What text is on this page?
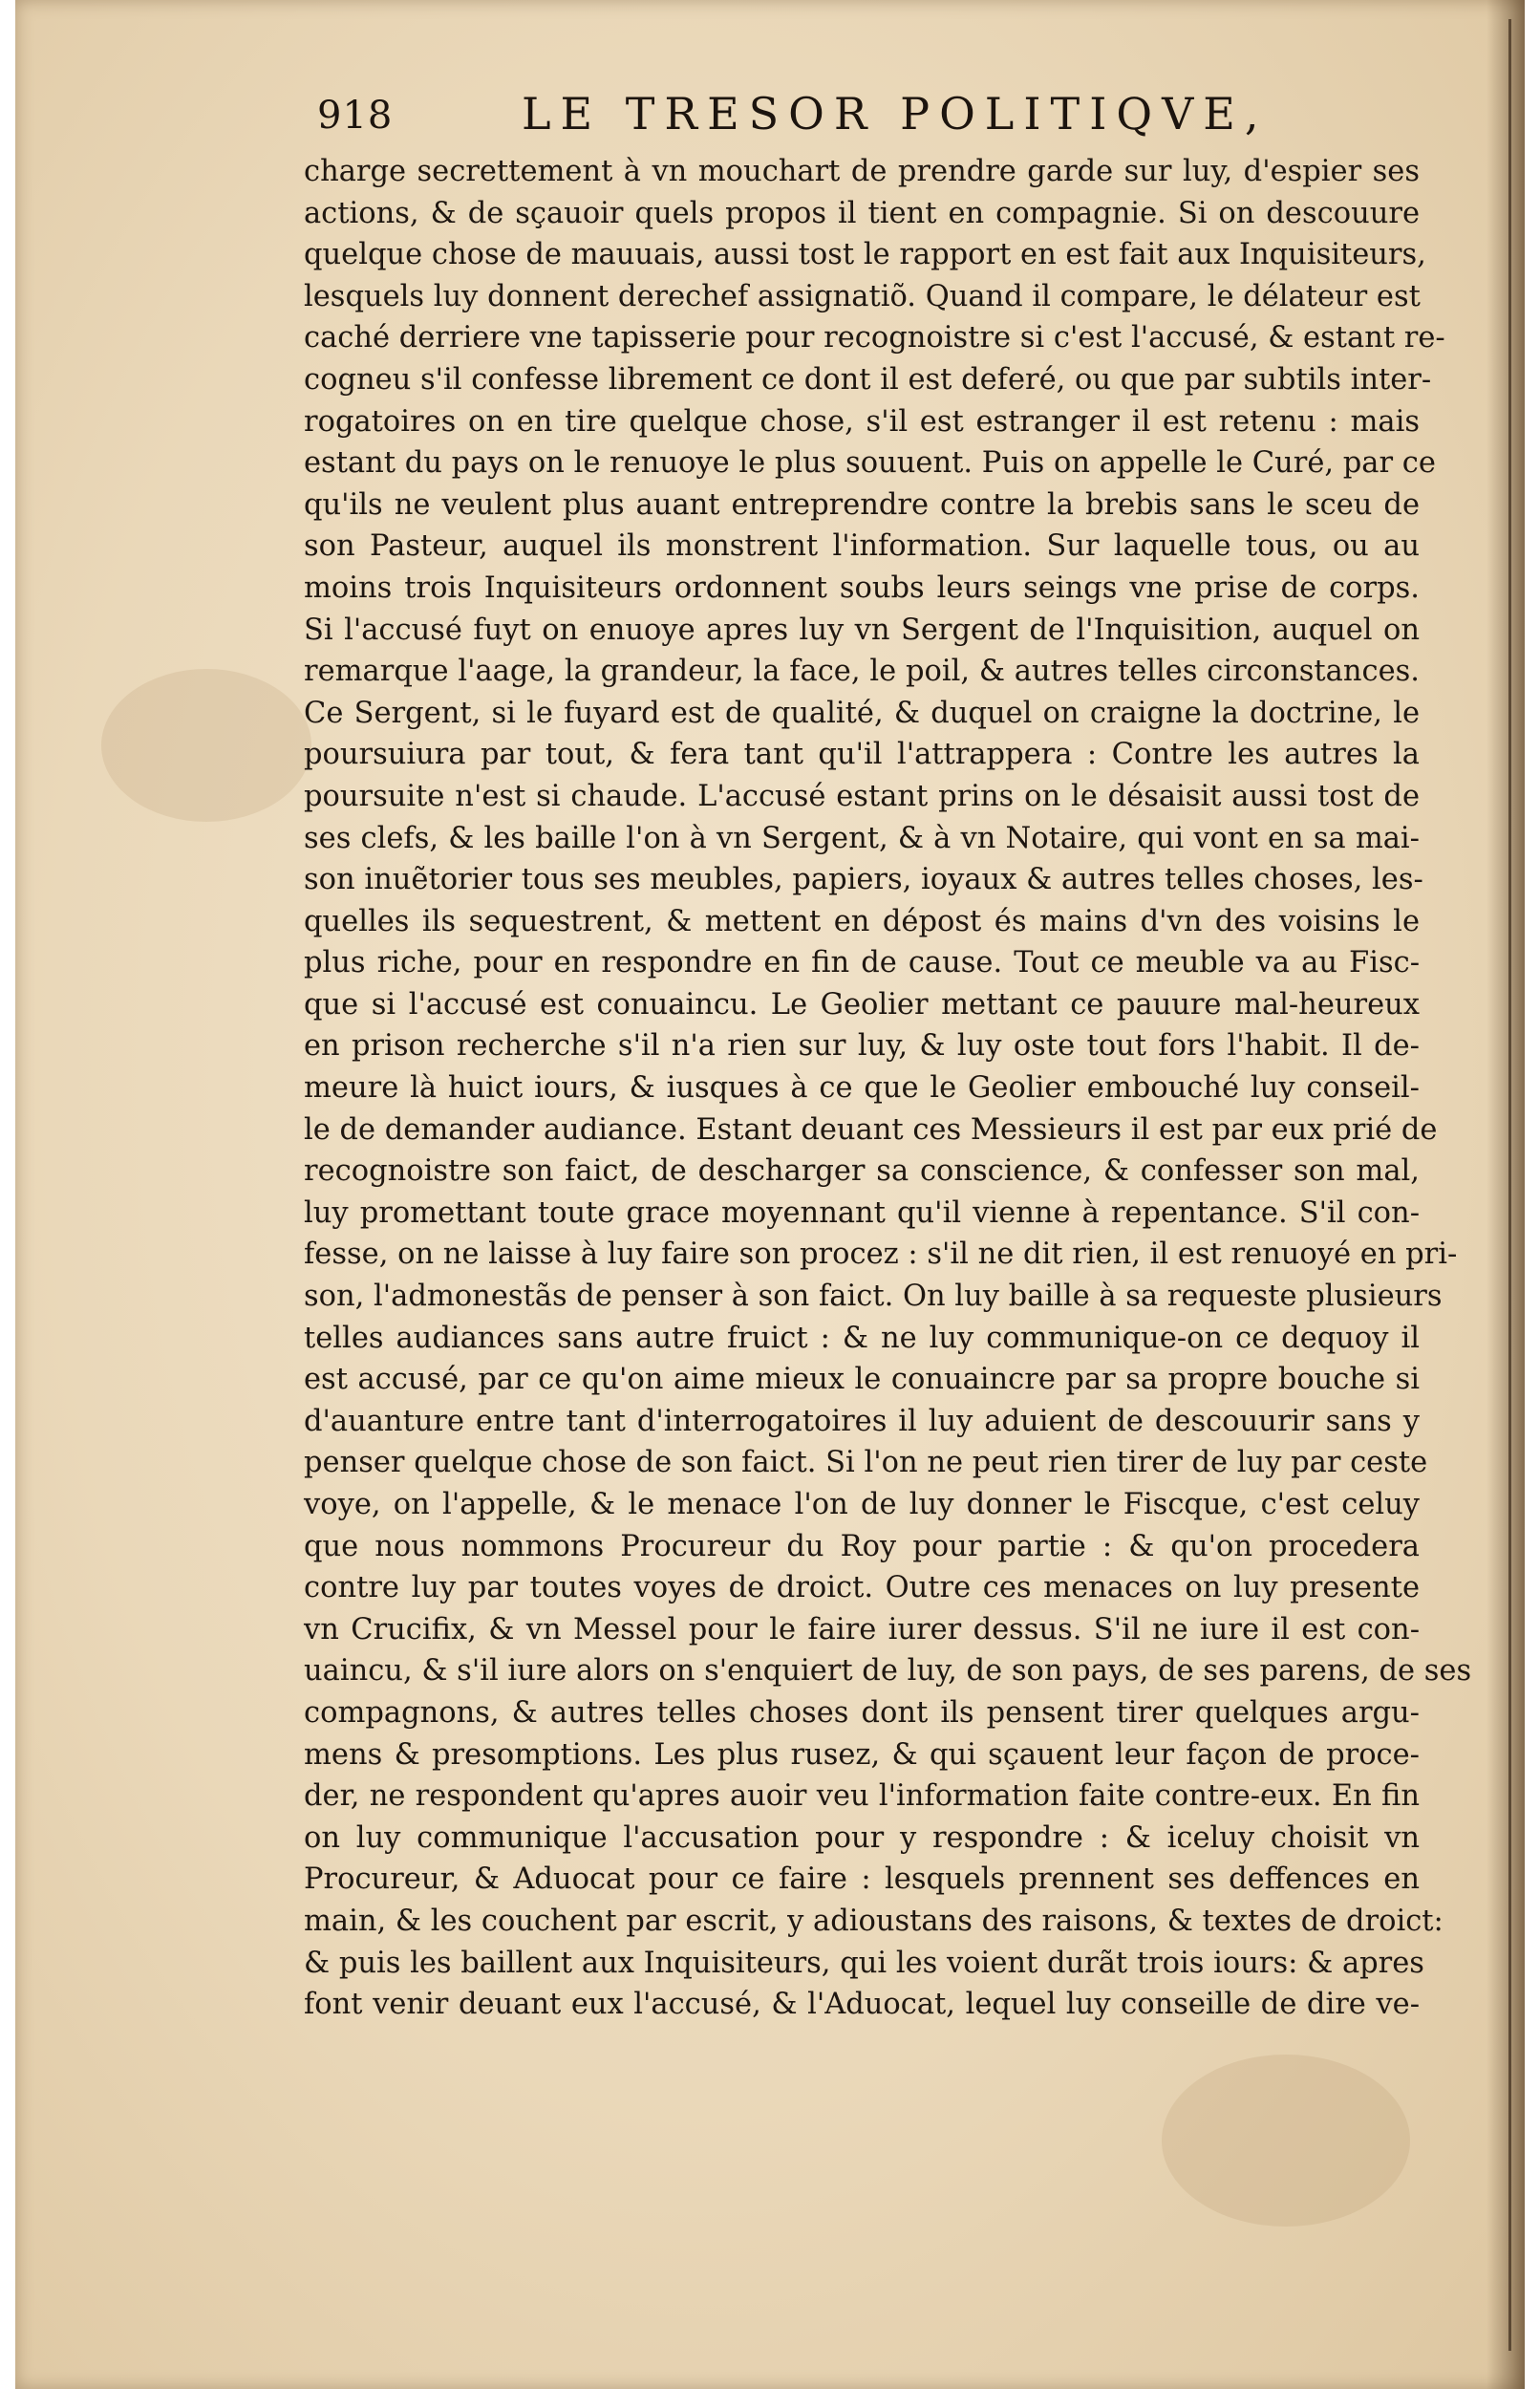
918	LE TRESOR POLITIQVE,
charge secrettement à vn mouchart de prendre garde sur luy, d'espier ses
actions, & de sçauoir quels propos il tient en compagnie. Si on descouure
quelque chose de mauuais, aussi tost le rapport en est fait aux Inquisiteurs,
lesquels luy donnent derechef assignatiõ. Quand il compare, le délateur est
caché derriere vne tapisserie pour recognoistre si c'est l'accusé, & estant re-
cogneu s'il confesse librement ce dont il est deferé, ou que par subtils inter-
rogatoires on en tire quelque chose, s'il est estranger il est retenu : mais
estant du pays on le renuoye le plus souuent. Puis on appelle le Curé, par ce
qu'ils ne veulent plus auant entreprendre contre la brebis sans le sceu de
son Pasteur, auquel ils monstrent l'information. Sur laquelle tous, ou au
moins trois Inquisiteurs ordonnent soubs leurs seings vne prise de corps.
Si l'accusé fuyt on enuoye apres luy vn Sergent de l'Inquisition, auquel on
remarque l'aage, la grandeur, la face, le poil, & autres telles circonstances.
Ce Sergent, si le fuyard est de qualité, & duquel on craigne la doctrine, le
poursuiura par tout, & fera tant qu'il l'attrappera : Contre les autres la
poursuite n'est si chaude. L'accusé estant prins on le désaisit aussi tost de
ses clefs, & les baille l'on à vn Sergent, & à vn Notaire, qui vont en sa mai-
son inuẽtorier tous ses meubles, papiers, ioyaux & autres telles choses, les-
quelles ils sequestrent, & mettent en dépost és mains d'vn des voisins le
plus riche, pour en respondre en fin de cause. Tout ce meuble va au Fisc-
que si l'accusé est conuaincu. Le Geolier mettant ce pauure mal-heureux
en prison recherche s'il n'a rien sur luy, & luy oste tout fors l'habit. Il de-
meure là huict iours, & iusques à ce que le Geolier embouché luy conseil-
le de demander audiance. Estant deuant ces Messieurs il est par eux prié de
recognoistre son faict, de descharger sa conscience, & confesser son mal,
luy promettant toute grace moyennant qu'il vienne à repentance. S'il con-
fesse, on ne laisse à luy faire son procez : s'il ne dit rien, il est renuoyé en pri-
son, l'admonestãs de penser à son faict. On luy baille à sa requeste plusieurs
telles audiances sans autre fruict : & ne luy communique-on ce dequoy il
est accusé, par ce qu'on aime mieux le conuaincre par sa propre bouche si
d'auanture entre tant d'interrogatoires il luy aduient de descouurir sans y
penser quelque chose de son faict. Si l'on ne peut rien tirer de luy par ceste
voye, on l'appelle, & le menace l'on de luy donner le Fiscque, c'est celuy
que nous nommons Procureur du Roy pour partie : & qu'on procedera
contre luy par toutes voyes de droict. Outre ces menaces on luy presente
vn Crucifix, & vn Messel pour le faire iurer dessus. S'il ne iure il est con-
uaincu, & s'il iure alors on s'enquiert de luy, de son pays, de ses parens, de ses
compagnons, & autres telles choses dont ils pensent tirer quelques argu-
mens & presomptions. Les plus rusez, & qui sçauent leur façon de proce-
der, ne respondent qu'apres auoir veu l'information faite contre-eux. En fin
on luy communique l'accusation pour y respondre : & iceluy choisit vn
Procureur, & Aduocat pour ce faire : lesquels prennent ses deffences en
main, & les couchent par escrit, y adioustans des raisons, & textes de droict:
& puis les baillent aux Inquisiteurs, qui les voient durãt trois iours: & apres
font venir deuant eux l'accusé, & l'Aduocat, lequel luy conseille de dire ve-
